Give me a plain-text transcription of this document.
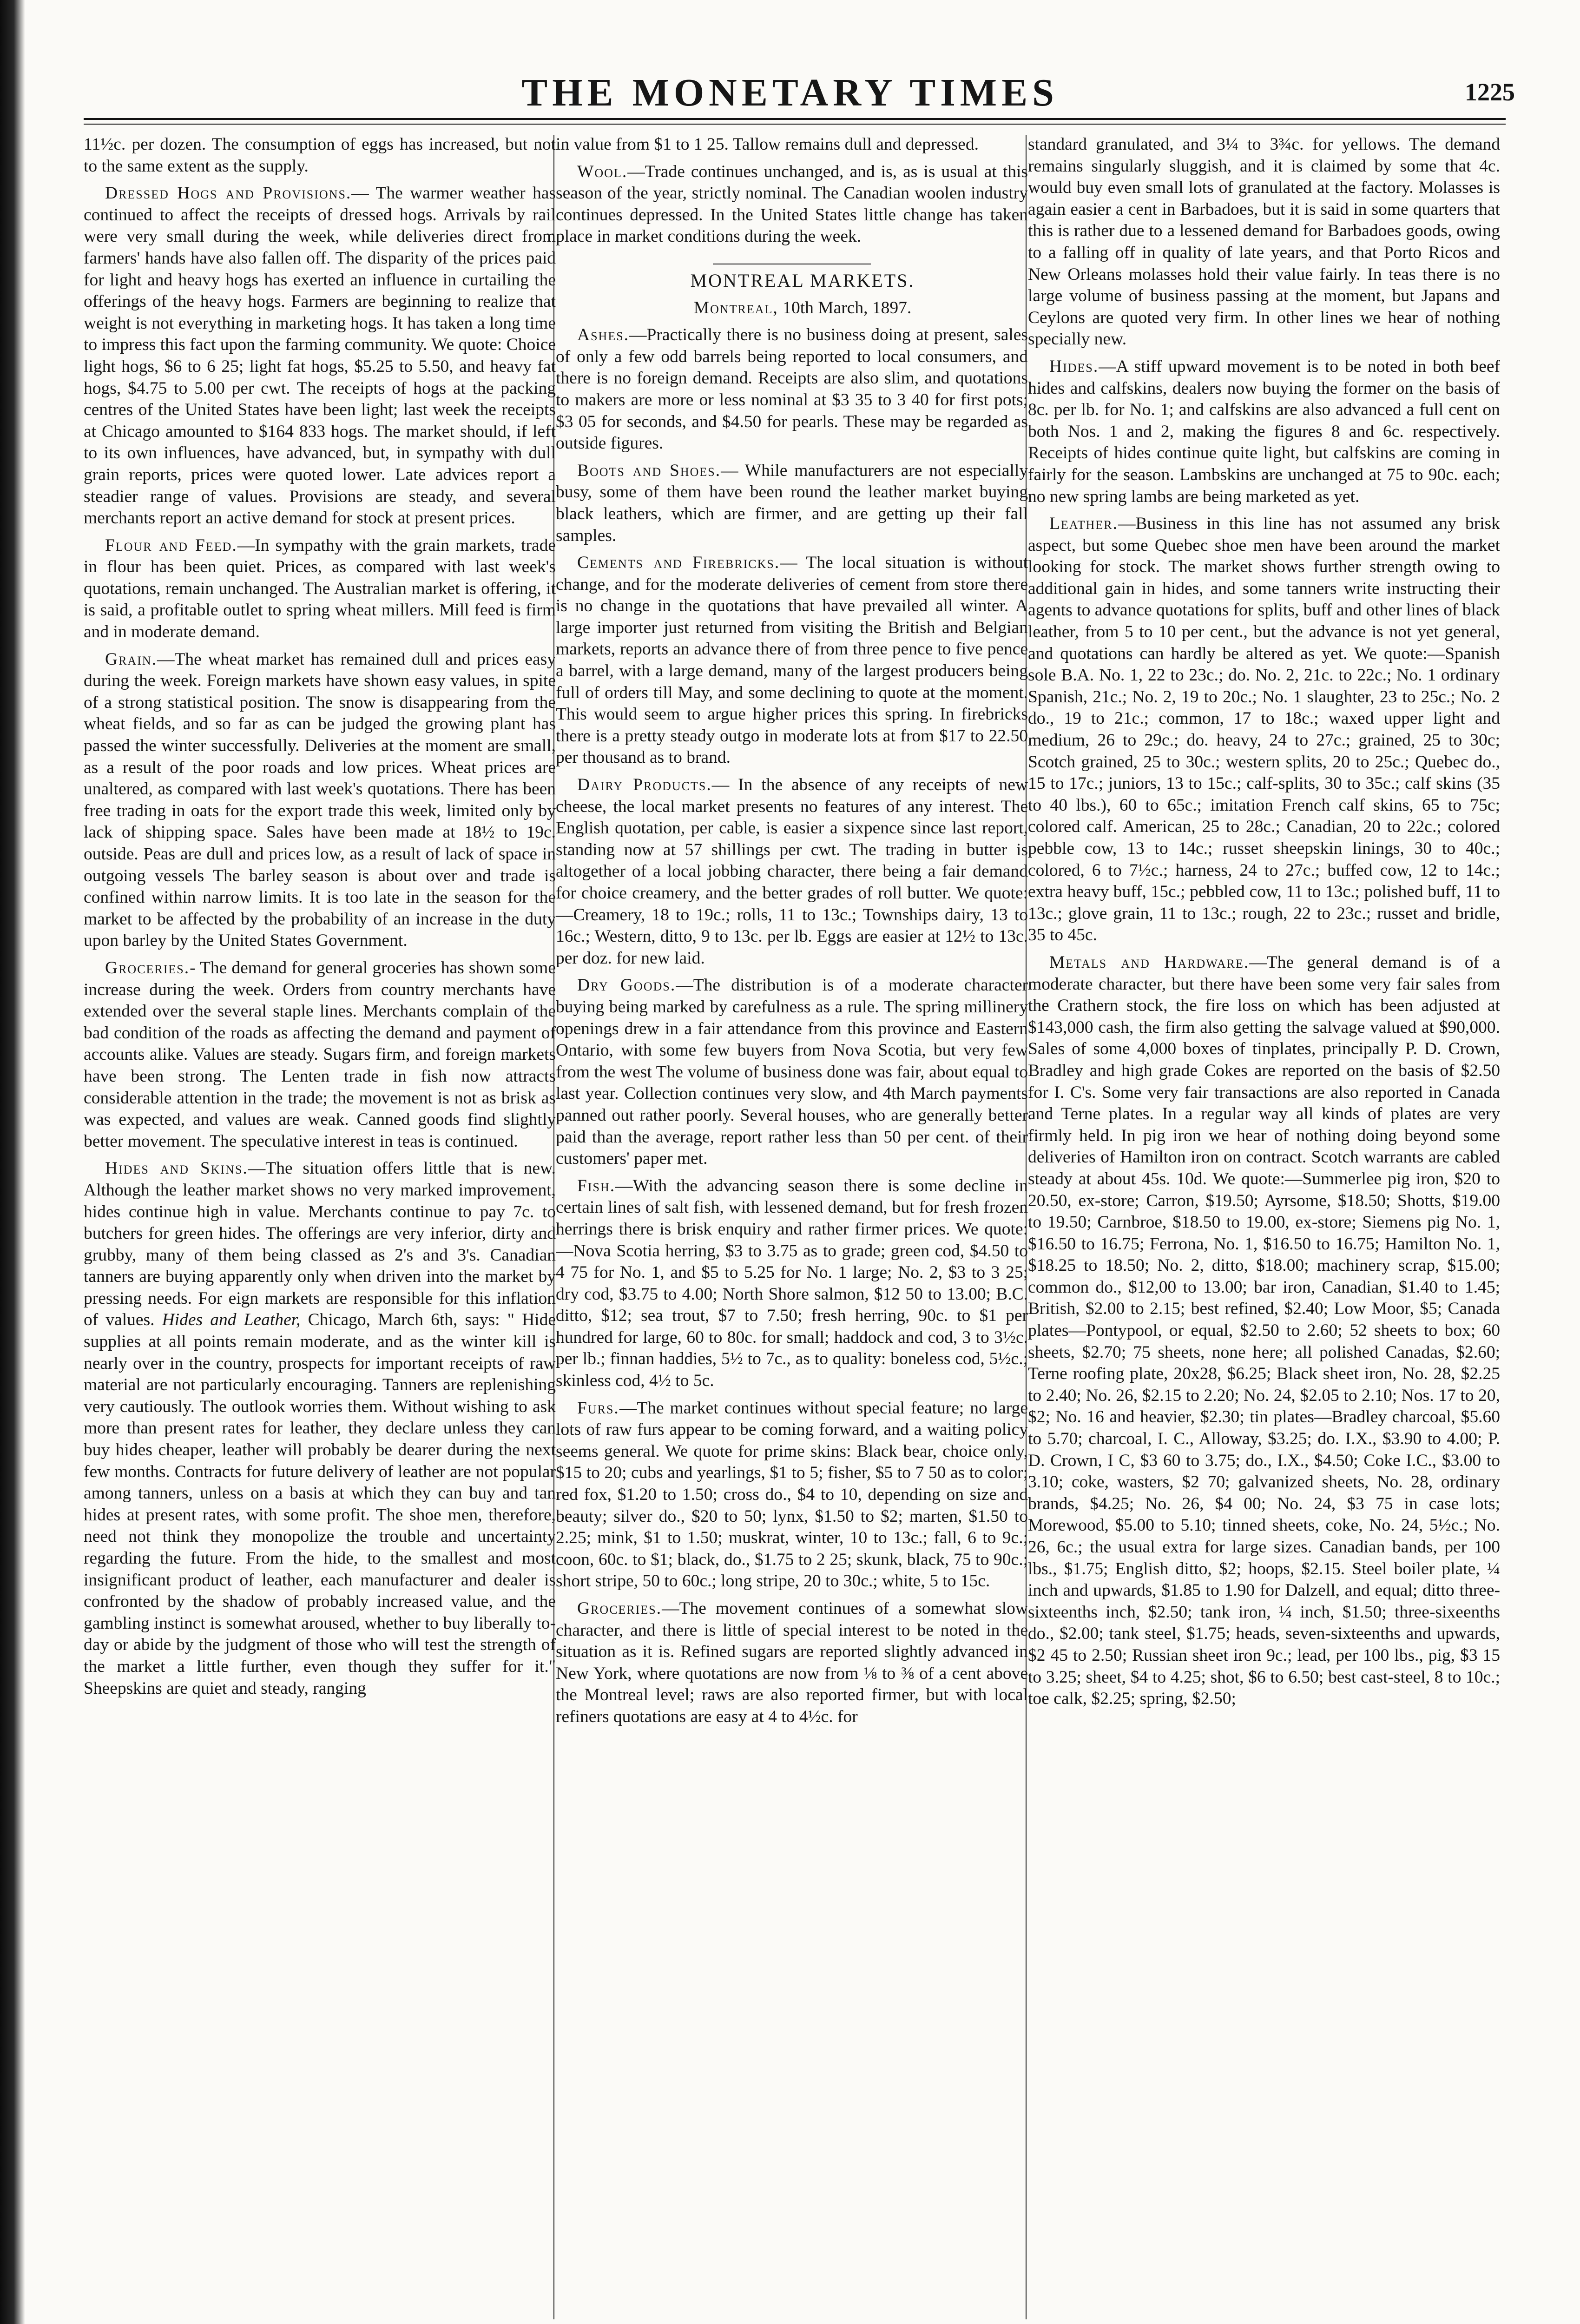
THE MONETARY TIMES	1225

11½c. per dozen. The consumption of eggs has increased, but not to the same extent as the supply.

Dressed Hogs and Provisions.— The warmer weather has continued to affect the receipts of dressed hogs. Arrivals by rail were very small during the week, while deliveries direct from farmers' hands have also fallen off. The disparity of the prices paid for light and heavy hogs has exerted an influence in curtailing the offerings of the heavy hogs. Farmers are beginning to realize that weight is not everything in marketing hogs. It has taken a long time to impress this fact upon the farming community. We quote: Choice light hogs, $6 to 6 25; light fat hogs, $5.25 to 5.50, and heavy fat hogs, $4.75 to 5.00 per cwt. The receipts of hogs at the packing centres of the United States have been light; last week the receipts at Chicago amounted to $164 833 hogs. The market should, if left to its own influences, have advanced, but, in sympathy with dull grain reports, prices were quoted lower. Late advices report a steadier range of values. Provisions are steady, and several merchants report an active demand for stock at present prices.

Flour and Feed.—In sympathy with the grain markets, trade in flour has been quiet. Prices, as compared with last week's quotations, remain unchanged. The Australian market is offering, it is said, a profitable outlet to spring wheat millers. Mill feed is firm and in moderate demand.

Grain.—The wheat market has remained dull and prices easy during the week. Foreign markets have shown easy values, in spite of a strong statistical position. The snow is disappearing from the wheat fields, and so far as can be judged the growing plant has passed the winter successfully. Deliveries at the moment are small, as a result of the poor roads and low prices. Wheat prices are unaltered, as compared with last week's quotations. There has been free trading in oats for the export trade this week, limited only by lack of shipping space. Sales have been made at 18½ to 19c. outside. Peas are dull and prices low, as a result of lack of space in outgoing vessels The barley season is about over and trade is confined within narrow limits. It is too late in the season for the market to be affected by the probability of an increase in the duty upon barley by the United States Government.

Groceries.- The demand for general groceries has shown some increase during the week. Orders from country merchants have extended over the several staple lines. Merchants complain of the bad condition of the roads as affecting the demand and payment of accounts alike. Values are steady. Sugars firm, and foreign markets have been strong. The Lenten trade in fish now attracts considerable attention in the trade; the movement is not as brisk as was expected, and values are weak. Canned goods find slightly better movement. The speculative interest in teas is continued.

Hides and Skins.—The situation offers little that is new. Although the leather market shows no very marked improvement, hides continue high in value. Merchants continue to pay 7c. to butchers for green hides. The offerings are very inferior, dirty and grubby, many of them being classed as 2's and 3's. Canadian tanners are buying apparently only when driven into the market by pressing needs. For eign markets are responsible for this inflation of values. Hides and Leather, Chicago, March 6th, says: " Hide supplies at all points remain moderate, and as the winter kill is nearly over in the country, prospects for important receipts of raw material are not particularly encouraging. Tanners are replenishing very cautiously. The outlook worries them. Without wishing to ask more than present rates for leather, they declare unless they can buy hides cheaper, leather will probably be dearer during the next few months. Contracts for future delivery of leather are not popular among tanners, unless on a basis at which they can buy and tan hides at present rates, with some profit. The shoe men, therefore, need not think they monopolize the trouble and uncertainty regarding the future. From the hide, to the smallest and most insignificant product of leather, each manufacturer and dealer is confronted by the shadow of probably increased value, and the gambling instinct is somewhat aroused, whether to buy liberally to-day or abide by the judgment of those who will test the strength of the market a little further, even though they suffer for it." Sheepskins are quiet and steady, ranging

in value from $1 to 1 25. Tallow remains dull and depressed.

Wool.—Trade continues unchanged, and is, as is usual at this season of the year, strictly nominal. The Canadian woolen industry continues depressed. In the United States little change has taken place in market conditions during the week.

MONTREAL MARKETS.

Montreal, 10th March, 1897.

Ashes.—Practically there is no business doing at present, sales of only a few odd barrels being reported to local consumers, and there is no foreign demand. Receipts are also slim, and quotations to makers are more or less nominal at $3 35 to 3 40 for first pots; $3 05 for seconds, and $4.50 for pearls. These may be regarded as outside figures.

Boots and Shoes.— While manufacturers are not especially busy, some of them have been round the leather market buying black leathers, which are firmer, and are getting up their fall samples.

Cements and Firebricks.— The local situation is without change, and for the moderate deliveries of cement from store there is no change in the quotations that have prevailed all winter. A large importer just returned from visiting the British and Belgian markets, reports an advance there of from three pence to five pence a barrel, with a large demand, many of the largest producers being full of orders till May, and some declining to quote at the moment. This would seem to argue higher prices this spring. In firebricks there is a pretty steady outgo in moderate lots at from $17 to 22.50 per thousand as to brand.

Dairy Products.— In the absence of any receipts of new cheese, the local market presents no features of any interest. The English quotation, per cable, is easier a sixpence since last report, standing now at 57 shillings per cwt. The trading in butter is altogether of a local jobbing character, there being a fair demand for choice creamery, and the better grades of roll butter. We quote:—Creamery, 18 to 19c.; rolls, 11 to 13c.; Townships dairy, 13 to 16c.; Western, ditto, 9 to 13c. per lb. Eggs are easier at 12½ to 13c. per doz. for new laid.

Dry Goods.—The distribution is of a moderate character buying being marked by carefulness as a rule. The spring millinery openings drew in a fair attendance from this province and Eastern Ontario, with some few buyers from Nova Scotia, but very few from the west The volume of business done was fair, about equal to last year. Collection continues very slow, and 4th March payments panned out rather poorly. Several houses, who are generally better paid than the average, report rather less than 50 per cent. of their customers' paper met.

Fish.—With the advancing season there is some decline in certain lines of salt fish, with lessened demand, but for fresh frozen herrings there is brisk enquiry and rather firmer prices. We quote:—Nova Scotia herring, $3 to 3.75 as to grade; green cod, $4.50 to 4 75 for No. 1, and $5 to 5.25 for No. 1 large; No. 2, $3 to 3 25; dry cod, $3.75 to 4.00; North Shore salmon, $12 50 to 13.00; B.C. ditto, $12; sea trout, $7 to 7.50; fresh herring, 90c. to $1 per hundred for large, 60 to 80c. for small; haddock and cod, 3 to 3½c. per lb.; finnan haddies, 5½ to 7c., as to quality: boneless cod, 5½c.; skinless cod, 4½ to 5c.

Furs.—The market continues without special feature; no large lots of raw furs appear to be coming forward, and a waiting policy seems general. We quote for prime skins: Black bear, choice only, $15 to 20; cubs and yearlings, $1 to 5; fisher, $5 to 7 50 as to color; red fox, $1.20 to 1.50; cross do., $4 to 10, depending on size and beauty; silver do., $20 to 50; lynx, $1.50 to $2; marten, $1.50 to 2.25; mink, $1 to 1.50; muskrat, winter, 10 to 13c.; fall, 6 to 9c.; coon, 60c. to $1; black, do., $1.75 to 2 25; skunk, black, 75 to 90c.; short stripe, 50 to 60c.; long stripe, 20 to 30c.; white, 5 to 15c.

Groceries.—The movement continues of a somewhat slow character, and there is little of special interest to be noted in the situation as it is. Refined sugars are reported slightly advanced in New York, where quotations are now from ⅛ to ⅜ of a cent above the Montreal level; raws are also reported firmer, but with local refiners quotations are easy at 4 to 4½c. for

standard granulated, and 3¼ to 3¾c. for yellows. The demand remains singularly sluggish, and it is claimed by some that 4c. would buy even small lots of granulated at the factory. Molasses is again easier a cent in Barbadoes, but it is said in some quarters that this is rather due to a lessened demand for Barbadoes goods, owing to a falling off in quality of late years, and that Porto Ricos and New Orleans molasses hold their value fairly. In teas there is no large volume of business passing at the moment, but Japans and Ceylons are quoted very firm. In other lines we hear of nothing specially new.

Hides.—A stiff upward movement is to be noted in both beef hides and calfskins, dealers now buying the former on the basis of 8c. per lb. for No. 1; and calfskins are also advanced a full cent on both Nos. 1 and 2, making the figures 8 and 6c. respectively. Receipts of hides continue quite light, but calfskins are coming in fairly for the season. Lambskins are unchanged at 75 to 90c. each; no new spring lambs are being marketed as yet.

Leather.—Business in this line has not assumed any brisk aspect, but some Quebec shoe men have been around the market looking for stock. The market shows further strength owing to additional gain in hides, and some tanners write instructing their agents to advance quotations for splits, buff and other lines of black leather, from 5 to 10 per cent., but the advance is not yet general, and quotations can hardly be altered as yet. We quote:—Spanish sole B.A. No. 1, 22 to 23c.; do. No. 2, 21c. to 22c.; No. 1 ordinary Spanish, 21c.; No. 2, 19 to 20c.; No. 1 slaughter, 23 to 25c.; No. 2 do., 19 to 21c.; common, 17 to 18c.; waxed upper light and medium, 26 to 29c.; do. heavy, 24 to 27c.; grained, 25 to 30c; Scotch grained, 25 to 30c.; western splits, 20 to 25c.; Quebec do., 15 to 17c.; juniors, 13 to 15c.; calf-splits, 30 to 35c.; calf skins (35 to 40 lbs.), 60 to 65c.; imitation French calf skins, 65 to 75c; colored calf. American, 25 to 28c.; Canadian, 20 to 22c.; colored pebble cow, 13 to 14c.; russet sheepskin linings, 30 to 40c.; colored, 6 to 7½c.; harness, 24 to 27c.; buffed cow, 12 to 14c.; extra heavy buff, 15c.; pebbled cow, 11 to 13c.; polished buff, 11 to 13c.; glove grain, 11 to 13c.; rough, 22 to 23c.; russet and bridle, 35 to 45c.

Metals and Hardware.—The general demand is of a moderate character, but there have been some very fair sales from the Crathern stock, the fire loss on which has been adjusted at $143,000 cash, the firm also getting the salvage valued at $90,000. Sales of some 4,000 boxes of tinplates, principally P. D. Crown, Bradley and high grade Cokes are reported on the basis of $2.50 for I. C's. Some very fair transactions are also reported in Canada and Terne plates. In a regular way all kinds of plates are very firmly held. In pig iron we hear of nothing doing beyond some deliveries of Hamilton iron on contract. Scotch warrants are cabled steady at about 45s. 10d. We quote:—Summerlee pig iron, $20 to 20.50, ex-store; Carron, $19.50; Ayrsome, $18.50; Shotts, $19.00 to 19.50; Carnbroe, $18.50 to 19.00, ex-store; Siemens pig No. 1, $16.50 to 16.75; Ferrona, No. 1, $16.50 to 16.75; Hamilton No. 1, $18.25 to 18.50; No. 2, ditto, $18.00; machinery scrap, $15.00; common do., $12,00 to 13.00; bar iron, Canadian, $1.40 to 1.45; British, $2.00 to 2.15; best refined, $2.40; Low Moor, $5; Canada plates—Pontypool, or equal, $2.50 to 2.60; 52 sheets to box; 60 sheets, $2.70; 75 sheets, none here; all polished Canadas, $2.60; Terne roofing plate, 20x28, $6.25; Black sheet iron, No. 28, $2.25 to 2.40; No. 26, $2.15 to 2.20; No. 24, $2.05 to 2.10; Nos. 17 to 20, $2; No. 16 and heavier, $2.30; tin plates—Bradley charcoal, $5.60 to 5.70; charcoal, I. C., Alloway, $3.25; do. I.X., $3.90 to 4.00; P. D. Crown, I C, $3 60 to 3.75; do., I.X., $4.50; Coke I.C., $3.00 to 3.10; coke, wasters, $2 70; galvanized sheets, No. 28, ordinary brands, $4.25; No. 26, $4 00; No. 24, $3 75 in case lots; Morewood, $5.00 to 5.10; tinned sheets, coke, No. 24, 5½c.; No. 26, 6c.; the usual extra for large sizes. Canadian bands, per 100 lbs., $1.75; English ditto, $2; hoops, $2.15. Steel boiler plate, ¼ inch and upwards, $1.85 to 1.90 for Dalzell, and equal; ditto three-sixteenths inch, $2.50; tank iron, ¼ inch, $1.50; three-sixeenths do., $2.00; tank steel, $1.75; heads, seven-sixteenths and upwards, $2 45 to 2.50; Russian sheet iron 9c.; lead, per 100 lbs., pig, $3 15 to 3.25; sheet, $4 to 4.25; shot, $6 to 6.50; best cast-steel, 8 to 10c.; toe calk, $2.25; spring, $2.50;
